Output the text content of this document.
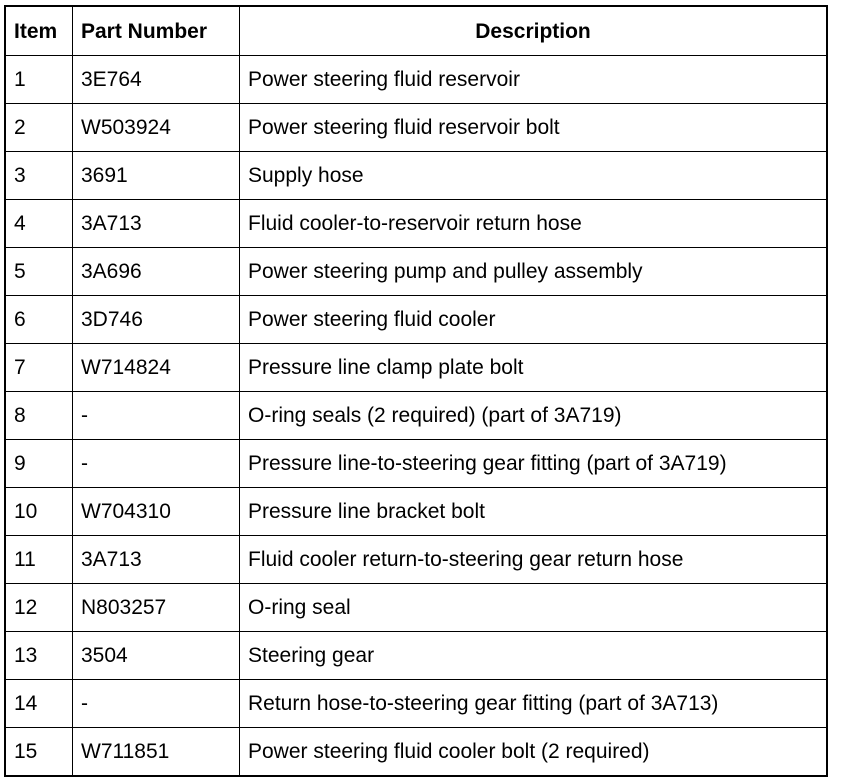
Item	Part Number	Description
1	3E764	Power steering fluid reservoir
2	W503924	Power steering fluid reservoir bolt
3	3691	Supply hose
4	3A713	Fluid cooler-to-reservoir return hose
5	3A696	Power steering pump and pulley assembly
6	3D746	Power steering fluid cooler
7	W714824	Pressure line clamp plate bolt
8	-	O-ring seals (2 required) (part of 3A719)
9	-	Pressure line-to-steering gear fitting (part of 3A719)
10	W704310	Pressure line bracket bolt
11	3A713	Fluid cooler return-to-steering gear return hose
12	N803257	O-ring seal
13	3504	Steering gear
14	-	Return hose-to-steering gear fitting (part of 3A713)
15	W711851	Power steering fluid cooler bolt (2 required)
